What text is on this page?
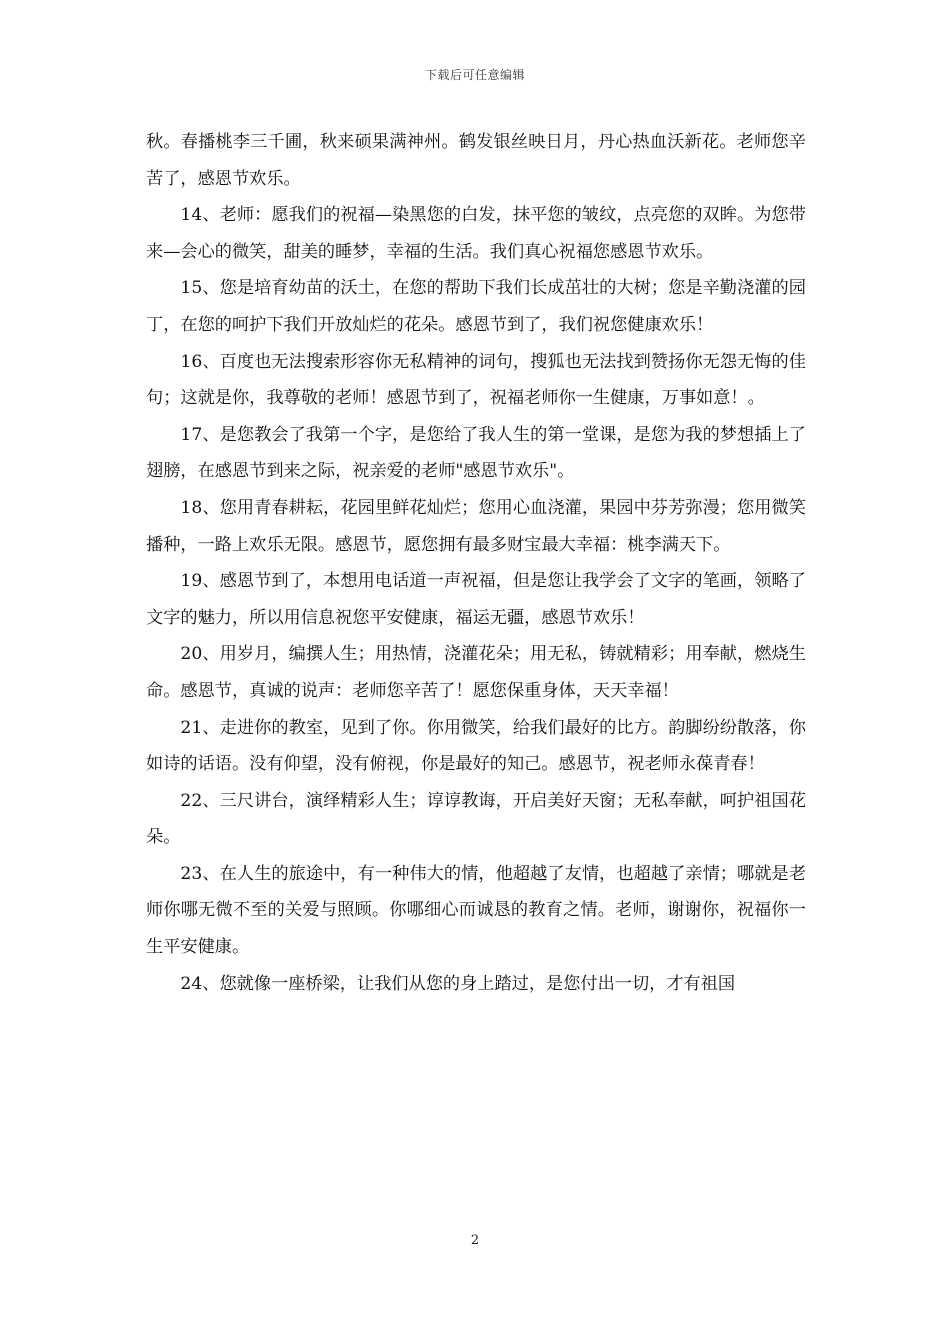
下载后可任意编辑

秋。春播桃李三千圃，秋来硕果满神州。鹤发银丝映日月，丹心热血沃新花。老师您辛苦了，感恩节欢乐。

14、老师：愿我们的祝福—染黑您的白发，抹平您的皱纹，点亮您的双眸。为您带来—会心的微笑，甜美的睡梦，幸福的生活。我们真心祝福您感恩节欢乐。

15、您是培育幼苗的沃土，在您的帮助下我们长成茁壮的大树；您是辛勤浇灌的园丁，在您的呵护下我们开放灿烂的花朵。感恩节到了，我们祝您健康欢乐！

16、百度也无法搜索形容你无私精神的词句，搜狐也无法找到赞扬你无怨无悔的佳句；这就是你，我尊敬的老师！感恩节到了，祝福老师你一生健康，万事如意！。

17、是您教会了我第一个字，是您给了我人生的第一堂课，是您为我的梦想插上了翅膀，在感恩节到来之际，祝亲爱的老师"感恩节欢乐"。

18、您用青春耕耘，花园里鲜花灿烂；您用心血浇灌，果园中芬芳弥漫；您用微笑播种，一路上欢乐无限。感恩节，愿您拥有最多财宝最大幸福：桃李满天下。

19、感恩节到了，本想用电话道一声祝福，但是您让我学会了文字的笔画，领略了文字的魅力，所以用信息祝您平安健康，福运无疆，感恩节欢乐！

20、用岁月，编撰人生；用热情，浇灌花朵；用无私，铸就精彩；用奉献，燃烧生命。感恩节，真诚的说声：老师您辛苦了！愿您保重身体，天天幸福！

21、走进你的教室，见到了你。你用微笑，给我们最好的比方。韵脚纷纷散落，你如诗的话语。没有仰望，没有俯视，你是最好的知己。感恩节，祝老师永葆青春！

22、三尺讲台，演绎精彩人生；谆谆教诲，开启美好天窗；无私奉献，呵护祖国花朵。

23、在人生的旅途中，有一种伟大的情，他超越了友情，也超越了亲情；哪就是老师你哪无微不至的关爱与照顾。你哪细心而诚恳的教育之情。老师，谢谢你，祝福你一生平安健康。

24、您就像一座桥梁，让我们从您的身上踏过，是您付出一切，才有祖国

2
